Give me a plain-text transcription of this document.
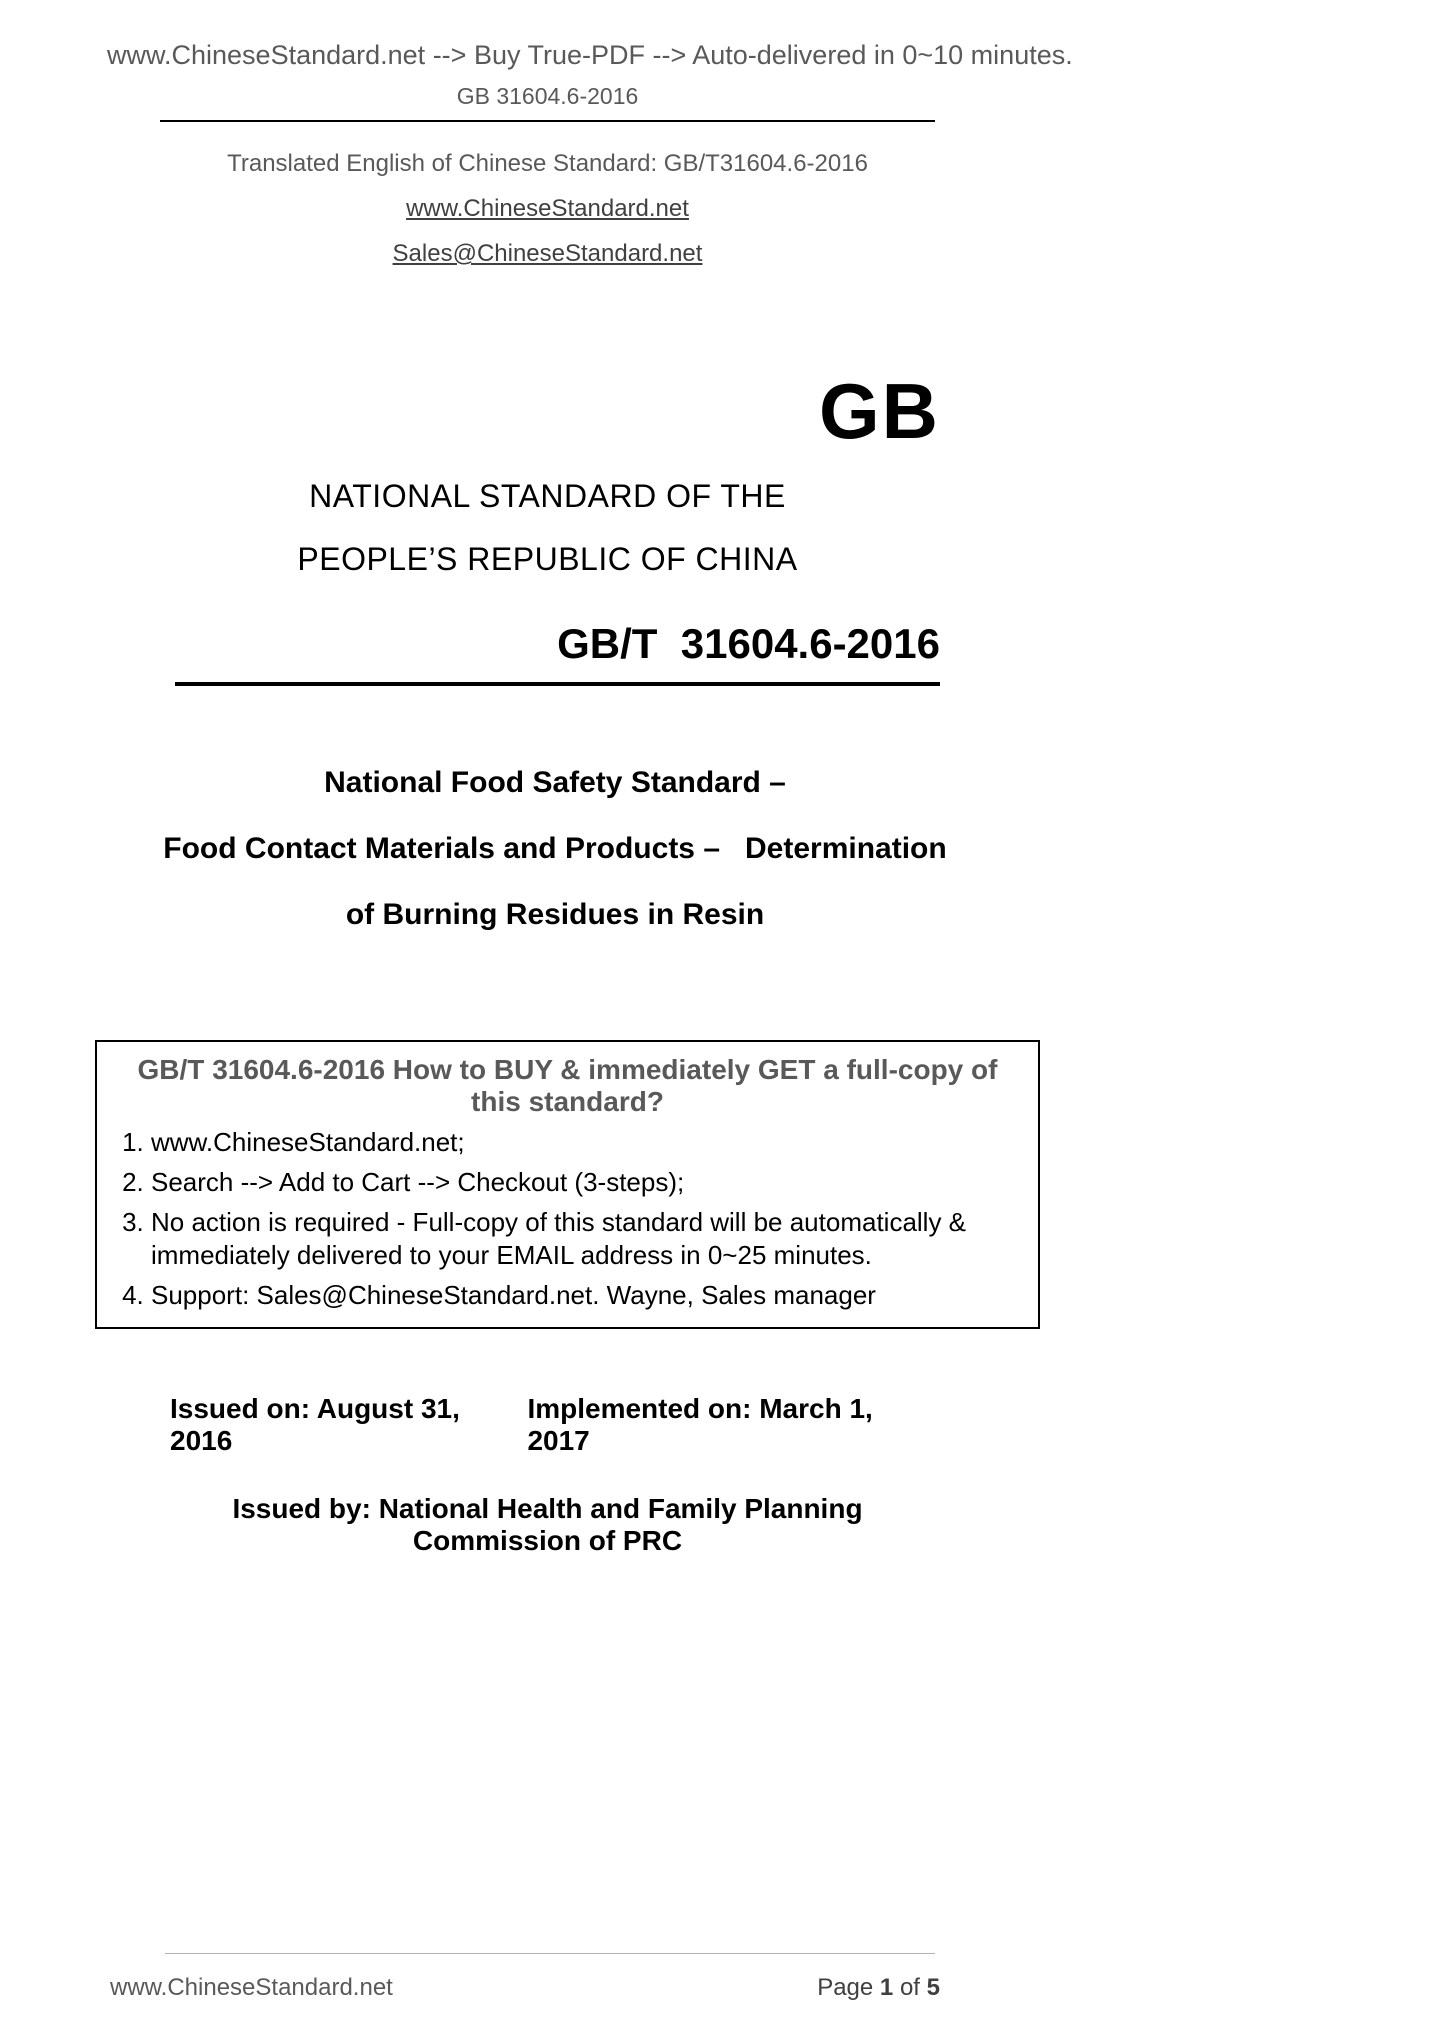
www.ChineseStandard.net --> Buy True-PDF --> Auto-delivered in 0~10 minutes.
GB 31604.6-2016
Translated English of Chinese Standard: GB/T31604.6-2016
www.ChineseStandard.net
Sales@ChineseStandard.net
GB
NATIONAL STANDARD OF THE
PEOPLE’S REPUBLIC OF CHINA
GB/T  31604.6-2016
National Food Safety Standard –
Food Contact Materials and Products –   Determination
of Burning Residues in Resin
GB/T 31604.6-2016 How to BUY & immediately GET a full-copy of this standard?
1. www.ChineseStandard.net;
2. Search --> Add to Cart --> Checkout (3-steps);
3. No action is required - Full-copy of this standard will be automatically & immediately delivered to your EMAIL address in 0~25 minutes.
4. Support: Sales@ChineseStandard.net. Wayne, Sales manager
Issued on: August 31, 2016
Implemented on: March 1, 2017
Issued by: National Health and Family Planning Commission of PRC
www.ChineseStandard.net	Page 1 of 5
